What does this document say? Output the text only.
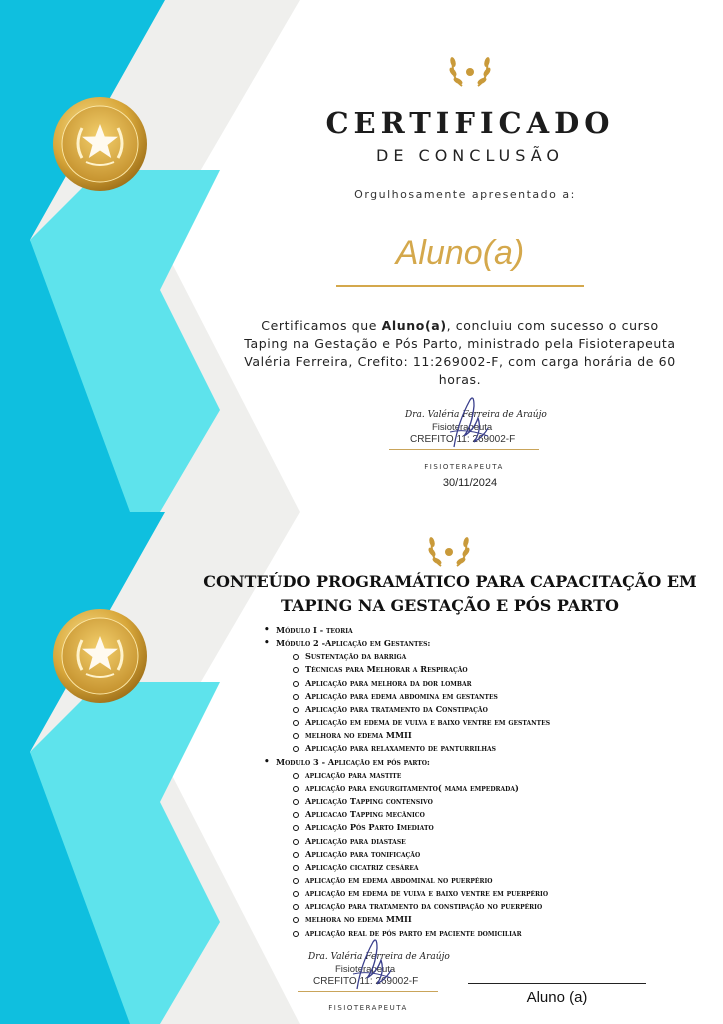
CERTIFICADO
DE CONCLUSÃO
Orgulhosamente apresentado a:
Aluno(a)
Certificamos que Aluno(a), concluiu com sucesso o curso Taping na Gestação e Pós Parto, ministrado pela Fisioterapeuta Valéria Ferreira, Crefito: 11:269002-F, com carga horária de 60 horas.
Dra. Valéria Ferreira de Araújo
Fisioterapeuta
CREFITO 11: 269002-F
FISIOTERAPEUTA
30/11/2024
CONTEÚDO PROGRAMÁTICO PARA CAPACITAÇÃO EM
TAPING NA GESTAÇÃO E PÓS PARTO
• Módulo I - teoria
• Módulo 2 -Aplicação em Gestantes:
Sustentação da barriga
Técnicas para Melhorar a Respiração
Aplicação para melhora da dor lombar
Aplicação para edema abdomina em gestantes
Aplicação para tratamento da Constipação
Aplicação em edema de vulva e baixo ventre em gestantes
melhora no edema MMII
Aplicação para relaxamento de panturrilhas
• Modulo 3 - Aplicação em pós parto:
aplicação para mastite
aplicação para engurgitamento( mama empedrada)
Aplicação Tapping contensivo
Aplicacao Tapping mecânico
Aplicação Pós Parto Imediato
Aplicação para diastase
Aplicação para tonificação
Aplicação cicatriz cesárea
aplicação em edema abdominal no puerpério
aplicação em edema de vulva e baixo ventre em puerpério
aplicação para tratamento da constipação no puerpério
melhora no edema MMII
aplicação real de pós parto em paciente domiciliar
Dra. Valéria Ferreira de Araújo
Fisioterapeuta
CREFITO 11: 269002-F
FISIOTERAPEUTA
Aluno (a)
